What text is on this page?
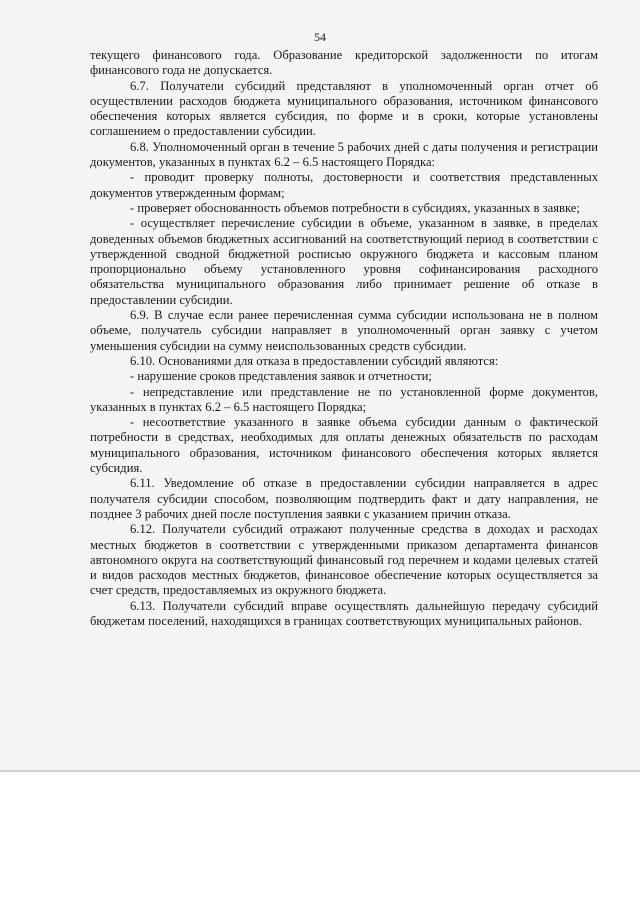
54

текущего финансового года. Образование кредиторской задолженности по итогам финансового года не допускается.

6.7. Получатели субсидий представляют в уполномоченный орган отчет об осуществлении расходов бюджета муниципального образования, источником финансового обеспечения которых является субсидия, по форме и в сроки, которые установлены соглашением о предоставлении субсидии.

6.8. Уполномоченный орган в течение 5 рабочих дней с даты получения и регистрации документов, указанных в пунктах 6.2 – 6.5 настоящего Порядка:

- проводит проверку полноты, достоверности и соответствия представленных документов утвержденным формам;

- проверяет обоснованность объемов потребности в субсидиях, указанных в заявке;

- осуществляет перечисление субсидии в объеме, указанном в заявке, в пределах доведенных объемов бюджетных ассигнований на соответствующий период в соответствии с утвержденной сводной бюджетной росписью окружного бюджета и кассовым планом пропорционально объему установленного уровня софинансирования расходного обязательства муниципального образования либо принимает решение об отказе в предоставлении субсидии.

6.9. В случае если ранее перечисленная сумма субсидии использована не в полном объеме, получатель субсидии направляет в уполномоченный орган заявку с учетом уменьшения субсидии на сумму неиспользованных средств субсидии.

6.10. Основаниями для отказа в предоставлении субсидий являются:

- нарушение сроков представления заявок и отчетности;

- непредставление или представление не по установленной форме документов, указанных в пунктах 6.2 – 6.5 настоящего Порядка;

- несоответствие указанного в заявке объема субсидии данным о фактической потребности в средствах, необходимых для оплаты денежных обязательств по расходам муниципального образования, источником финансового обеспечения которых является субсидия.

6.11. Уведомление об отказе в предоставлении субсидии направляется в адрес получателя субсидии способом, позволяющим подтвердить факт и дату направления, не позднее 3 рабочих дней после поступления заявки с указанием причин отказа.

6.12. Получатели субсидий отражают полученные средства в доходах и расходах местных бюджетов в соответствии с утвержденными приказом департамента финансов автономного округа на соответствующий финансовый год перечнем и кодами целевых статей и видов расходов местных бюджетов, финансовое обеспечение которых осуществляется за счет средств, предоставляемых из окружного бюджета.

6.13. Получатели субсидий вправе осуществлять дальнейшую передачу субсидий бюджетам поселений, находящихся в границах соответствующих муниципальных районов.
